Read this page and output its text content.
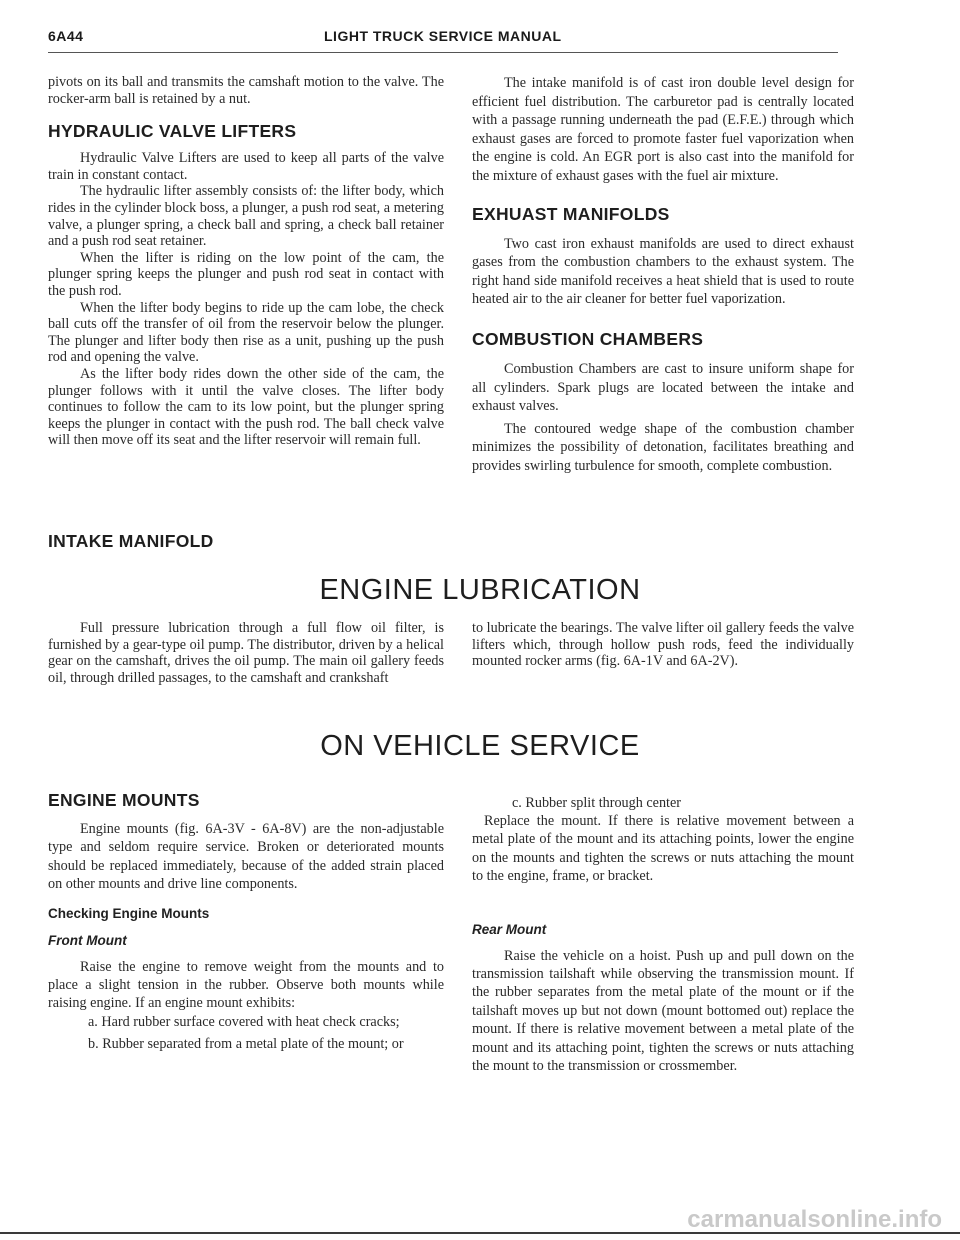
6A44	LIGHT TRUCK SERVICE MANUAL

pivots on its ball and transmits the camshaft motion to the valve. The rocker-arm ball is retained by a nut.

HYDRAULIC VALVE LIFTERS

Hydraulic Valve Lifters are used to keep all parts of the valve train in constant contact.

The hydraulic lifter assembly consists of: the lifter body, which rides in the cylinder block boss, a plunger, a push rod seat, a metering valve, a plunger spring, a check ball and spring, a check ball retainer and a push rod seat retainer.

When the lifter is riding on the low point of the cam, the plunger spring keeps the plunger and push rod seat in contact with the push rod.

When the lifter body begins to ride up the cam lobe, the check ball cuts off the transfer of oil from the reservoir below the plunger. The plunger and lifter body then rise as a unit, pushing up the push rod and opening the valve.

As the lifter body rides down the other side of the cam, the plunger follows with it until the valve closes. The lifter body continues to follow the cam to its low point, but the plunger spring keeps the plunger in contact with the push rod. The ball check valve will then move off its seat and the lifter reservoir will remain full.

INTAKE MANIFOLD

The intake manifold is of cast iron double level design for efficient fuel distribution. The carburetor pad is centrally located with a passage running underneath the pad (E.F.E.) through which exhaust gases are forced to promote faster fuel vaporization when the engine is cold. An EGR port is also cast into the manifold for the mixture of exhaust gases with the fuel air mixture.

EXHUAST MANIFOLDS

Two cast iron exhaust manifolds are used to direct exhaust gases from the combustion chambers to the exhaust system. The right hand side manifold receives a heat shield that is used to route heated air to the air cleaner for better fuel vaporization.

COMBUSTION CHAMBERS

Combustion Chambers are cast to insure uniform shape for all cylinders. Spark plugs are located between the intake and exhaust valves.

The contoured wedge shape of the combustion chamber minimizes the possibility of detonation, facilitates breathing and provides swirling turbulence for smooth, complete combustion.

ENGINE LUBRICATION

Full pressure lubrication through a full flow oil filter, is furnished by a gear-type oil pump. The distributor, driven by a helical gear on the camshaft, drives the oil pump. The main oil gallery feeds oil, through drilled passages, to the camshaft and crankshaft

to lubricate the bearings. The valve lifter oil gallery feeds the valve lifters which, through hollow push rods, feed the individually mounted rocker arms (fig. 6A-1V and 6A-2V).

ON VEHICLE SERVICE
ENGINE MOUNTS

Engine mounts (fig. 6A-3V - 6A-8V) are the non-adjustable type and seldom require service. Broken or deteriorated mounts should be replaced immediately, because of the added strain placed on other mounts and drive line components.

Checking Engine Mounts
Front Mount

Raise the engine to remove weight from the mounts and to place a slight tension in the rubber. Observe both mounts while raising engine. If an engine mount exhibits:

a. Hard rubber surface covered with heat check cracks;

b. Rubber separated from a metal plate of the mount; or

c. Rubber split through center

Replace the mount. If there is relative movement between a metal plate of the mount and its attaching points, lower the engine on the mounts and tighten the screws or nuts attaching the mount to the engine, frame, or bracket.

Rear Mount

Raise the vehicle on a hoist. Push up and pull down on the transmission tailshaft while observing the transmission mount. If the rubber separates from the metal plate of the mount or if the tailshaft moves up but not down (mount bottomed out) replace the mount. If there is relative movement between a metal plate of the mount and its attaching point, tighten the screws or nuts attaching the mount to the transmission or crossmember.

carmanualsonline.info
